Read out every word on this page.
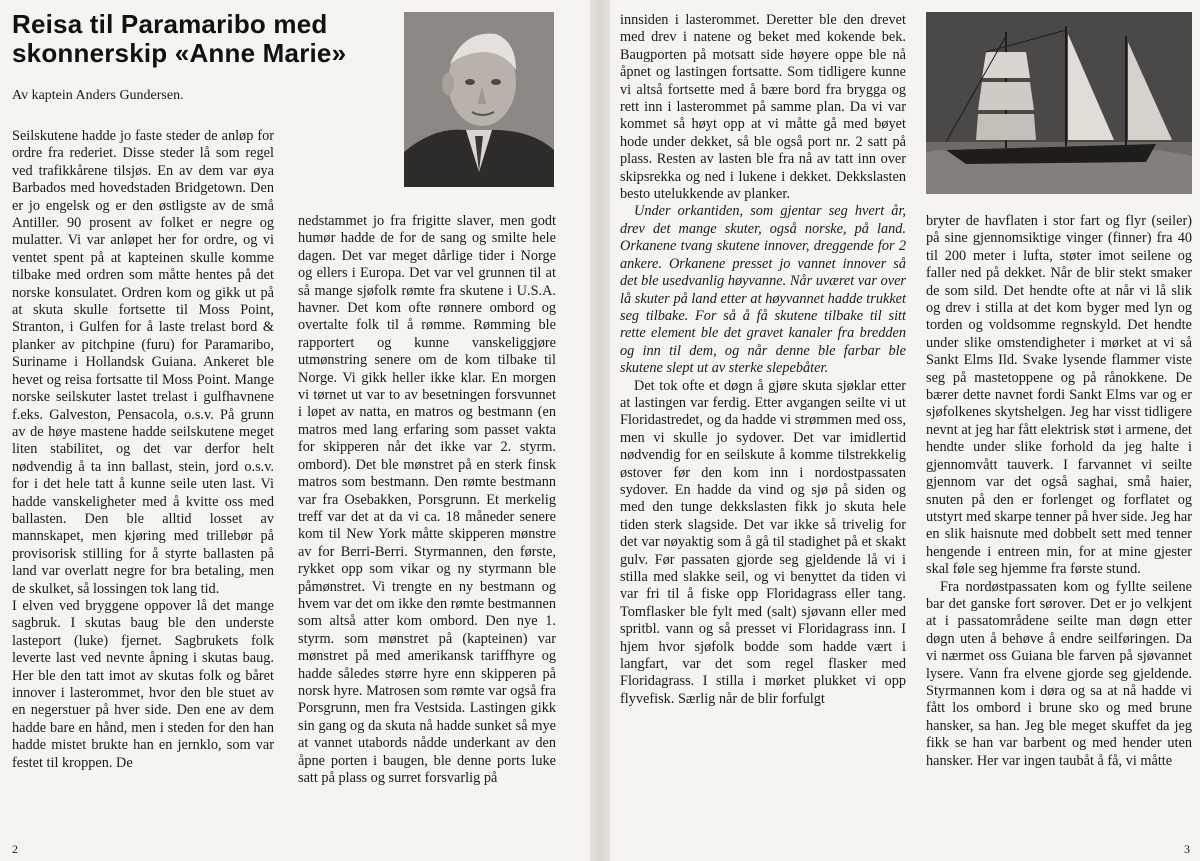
Reisa til Paramaribo med skonnerskip «Anne Marie»
Av kaptein Anders Gundersen.

Seilskutene hadde jo faste steder de anløp for ordre fra rederiet. Disse steder lå som regel ved trafikkårene tilsjøs. En av dem var øya Barbados med hovedstaden Bridgetown. Den er jo engelsk og er den østligste av de små Antiller. 90 prosent av folket er negre og mulatter. Vi var anløpet her for ordre, og vi ventet spent på at kapteinen skulle komme tilbake med ordren som måtte hentes på det norske konsulatet. Ordren kom og gikk ut på at skuta skulle fortsette til Moss Point, Stranton, i Gulfen for å laste trelast bord & planker av pitchpine (furu) for Paramaribo, Suriname i Hollandsk Guiana. Ankeret ble hevet og reisa fortsatte til Moss Point. Mange norske seilskuter lastet trelast i gulfhavnene f.eks. Galveston, Pensacola, o.s.v. På grunn av de høye mastene hadde seilskutene meget liten stabilitet, og det var derfor helt nødvendig å ta inn ballast, stein, jord o.s.v. for i det hele tatt å kunne seile uten last. Vi hadde vanskeligheter med å kvitte oss med ballasten. Den ble alltid losset av mannskapet, men kjøring med trillebør på provisorisk stilling for å styrte ballasten på land var overlatt negre for bra betaling, men de skulket, så lossingen tok lang tid.

I elven ved bryggene oppover lå det mange sagbruk. I skutas baug ble den underste lasteport (luke) fjernet. Sagbrukets folk leverte last ved nevnte åpning i skutas baug. Her ble den tatt imot av skutas folk og båret innover i lasterommet, hvor den ble stuet av en negerstuer på hver side. Den ene av dem hadde bare en hånd, men i steden for den han hadde mistet brukte han en jernklo, som var festet til kroppen. De

nedstammet jo fra frigitte slaver, men godt humør hadde de for de sang og smilte hele dagen. Det var meget dårlige tider i Norge og ellers i Europa. Det var vel grunnen til at så mange sjøfolk rømte fra skutene i U.S.A. havner. Det kom ofte rønnere ombord og overtalte folk til å rømme. Rømming ble rapportert og kunne vanskeliggjøre utmønstring senere om de kom tilbake til Norge. Vi gikk heller ikke klar. En morgen vi tørnet ut var to av besetningen forsvunnet i løpet av natta, en matros og bestmann (en matros med lang erfaring som passet vakta for skipperen når det ikke var 2. styrm. ombord). Det ble mønstret på en sterk finsk matros som bestmann. Den rømte bestmann var fra Osebakken, Porsgrunn. Et merkelig treff var det at da vi ca. 18 måneder senere kom til New York måtte skipperen mønstre av for Berri-Berri. Styrmannen, den første, rykket opp som vikar og ny styrmann ble påmønstret. Vi trengte en ny bestmann og hvem var det om ikke den rømte bestmannen som altså atter kom ombord. Den nye 1. styrm. som mønstret på (kapteinen) var mønstret på med amerikansk tariffhyre og hadde således større hyre enn skipperen på norsk hyre. Matrosen som rømte var også fra Porsgrunn, men fra Vestsida. Lastingen gikk sin gang og da skuta nå hadde sunket så mye at vannet utabords nådde underkant av den åpne porten i baugen, ble denne ports luke satt på plass og surret forsvarlig på

2

innsiden i lasterommet. Deretter ble den drevet med drev i natene og beket med kokende bek. Baugporten på motsatt side høyere oppe ble nå åpnet og lastingen fortsatte. Som tidligere kunne vi altså fortsette med å bære bord fra brygga og rett inn i lasterommet på samme plan. Da vi var kommet så høyt opp at vi måtte gå med bøyet hode under dekket, så ble også port nr. 2 satt på plass. Resten av lasten ble fra nå av tatt inn over skipsrekka og ned i lukene i dekket. Dekkslasten besto utelukkende av planker.

Under orkantiden, som gjentar seg hvert år, drev det mange skuter, også norske, på land. Orkanene tvang skutene innover, dreggende for 2 ankere. Orkanene presset jo vannet innover så det ble usedvanlig høyvanne. Når uværet var over lå skuter på land etter at høyvannet hadde trukket seg tilbake. For så å få skutene tilbake til sitt rette element ble det gravet kanaler fra bredden og inn til dem, og når denne ble farbar ble skutene slept ut av sterke slepebåter.

Det tok ofte et døgn å gjøre skuta sjøklar etter at lastingen var ferdig. Etter avgangen seilte vi ut Floridastredet, og da hadde vi strømmen med oss, men vi skulle jo sydover. Det var imidlertid nødvendig for en seilskute å komme tilstrekkelig østover før den kom inn i nordostpassaten sydover. En hadde da vind og sjø på siden og med den tunge dekkslasten fikk jo skuta hele tiden sterk slagside. Det var ikke så trivelig for det var nøyaktig som å gå til stadighet på et skakt gulv. Før passaten gjorde seg gjeldende lå vi i stilla med slakke seil, og vi benyttet da tiden vi var fri til å fiske opp Floridagrass eller tang. Tomflasker ble fylt med (salt) sjøvann eller med spritbl. vann og så presset vi Floridagrass inn. I hjem hvor sjøfolk bodde som hadde vært i langfart, var det som regel flasker med Floridagrass. I stilla i mørket plukket vi opp flyvefisk. Særlig når de blir forfulgt

bryter de havflaten i stor fart og flyr (seiler) på sine gjennomsiktige vinger (finner) fra 40 til 200 meter i lufta, støter imot seilene og faller ned på dekket. Når de blir stekt smaker de som sild. Det hendte ofte at når vi lå slik og drev i stilla at det kom byger med lyn og torden og voldsomme regnskyld. Det hendte under slike omstendigheter i mørket at vi så Sankt Elms Ild. Svake lysende flammer viste seg på mastetoppene og på rånokkene. De bærer dette navnet fordi Sankt Elms var og er sjøfolkenes skytshelgen. Jeg har visst tidligere nevnt at jeg har fått elektrisk støt i armene, det hendte under slike forhold da jeg halte i gjennomvått tauverk. I farvannet vi seilte gjennom var det også saghai, små haier, snuten på den er forlenget og forflatet og utstyrt med skarpe tenner på hver side. Jeg har en slik haisnute med dobbelt sett med tenner hengende i entreen min, for at mine gjester skal føle seg hjemme fra første stund.

Fra nordøstpassaten kom og fyllte seilene bar det ganske fort sørover. Det er jo velkjent at i passatområdene seilte man døgn etter døgn uten å behøve å endre seilføringen. Da vi nærmet oss Guiana ble farven på sjøvannet lysere. Vann fra elvene gjorde seg gjeldende. Styrmannen kom i døra og sa at nå hadde vi fått los ombord i brune sko og med brune hansker, sa han. Jeg ble meget skuffet da jeg fikk se han var barbent og med hender uten hansker. Her var ingen taubåt å få, vi måtte

3
